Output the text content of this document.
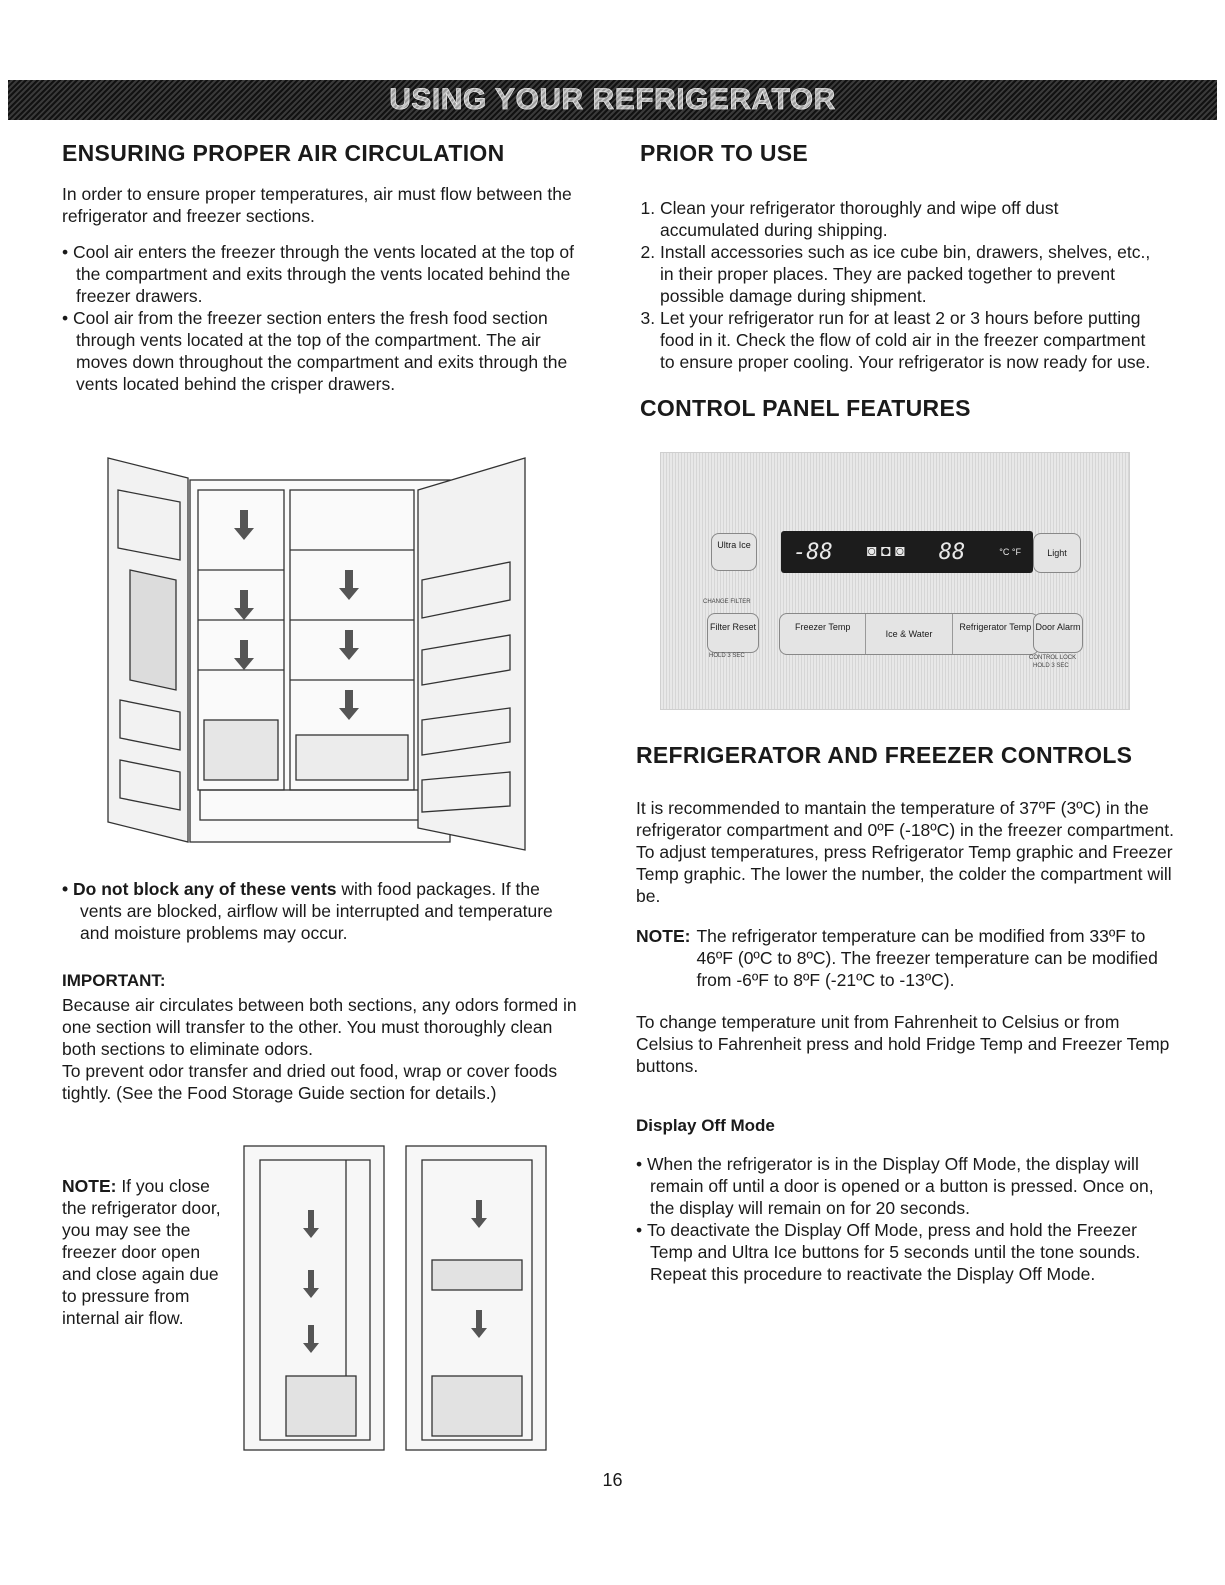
USING YOUR REFRIGERATOR
ENSURING PROPER AIR CIRCULATION

In order to ensure proper temperatures, air must flow between the refrigerator and freezer sections.

• Cool air enters the freezer through the vents located at the top of the compartment and exits through the vents located behind the freezer drawers.
• Cool air from the freezer section enters the fresh food section through vents located at the top of the compartment. The air moves down throughout the compartment and exits through the vents located behind the crisper drawers.

• Do not block any of these vents with food packages. If the vents are blocked, airflow will be interrupted and temperature and moisture problems may occur.

IMPORTANT:

Because air circulates between both sections, any odors formed in one section will transfer to the other. You must thoroughly clean both sections to eliminate odors.

To prevent odor transfer and dried out food, wrap or cover foods tightly. (See the Food Storage Guide section for details.)

NOTE: If you close the refrigerator door, you may see the freezer door open and close again due to pressure from internal air flow.

PRIOR TO USE
1. Clean your refrigerator thoroughly and wipe off dust accumulated during shipping.
2. Install accessories such as ice cube bin, drawers, shelves, etc., in their proper places. They are packed together to prevent possible damage during shipment.
3. Let your refrigerator run for at least 2 or 3 hours before putting food in it. Check the flow of cold air in the freezer compartment to ensure proper cooling. Your refrigerator is now ready for use.
CONTROL PANEL FEATURES
Ultra Ice -88 ◙ ◘ ◙ 88	°C °F	Light
CHANGE FILTER
Filter Reset
HOLD 3 SEC
Freezer Temp
Ice & Water
Refrigerator Temp Door Alarm
CONTROL LOCK
HOLD 3 SEC
REFRIGERATOR AND FREEZER CONTROLS

It is recommended to mantain the temperature of 37ºF (3ºC) in the refrigerator compartment and 0ºF (-18ºC) in the freezer compartment. To adjust temperatures, press Refrigerator Temp graphic and Freezer Temp graphic. The lower the number, the colder the compartment will be.

NOTE: The refrigerator temperature can be modified from 33ºF to 46ºF (0ºC to 8ºC). The freezer temperature can be modified from -6ºF to 8ºF (-21ºC to -13ºC).

To change temperature unit from Fahrenheit to Celsius or from Celsius to Fahrenheit press and hold Fridge Temp and Freezer Temp buttons.

Display Off Mode

• When the refrigerator is in the Display Off Mode, the display will remain off until a door is opened or a button is pressed. Once on, the display will remain on for 20 seconds.
• To deactivate the Display Off Mode, press and hold the Freezer Temp and Ultra Ice buttons for 5 seconds until the tone sounds. Repeat this procedure to reactivate the Display Off Mode.
16
